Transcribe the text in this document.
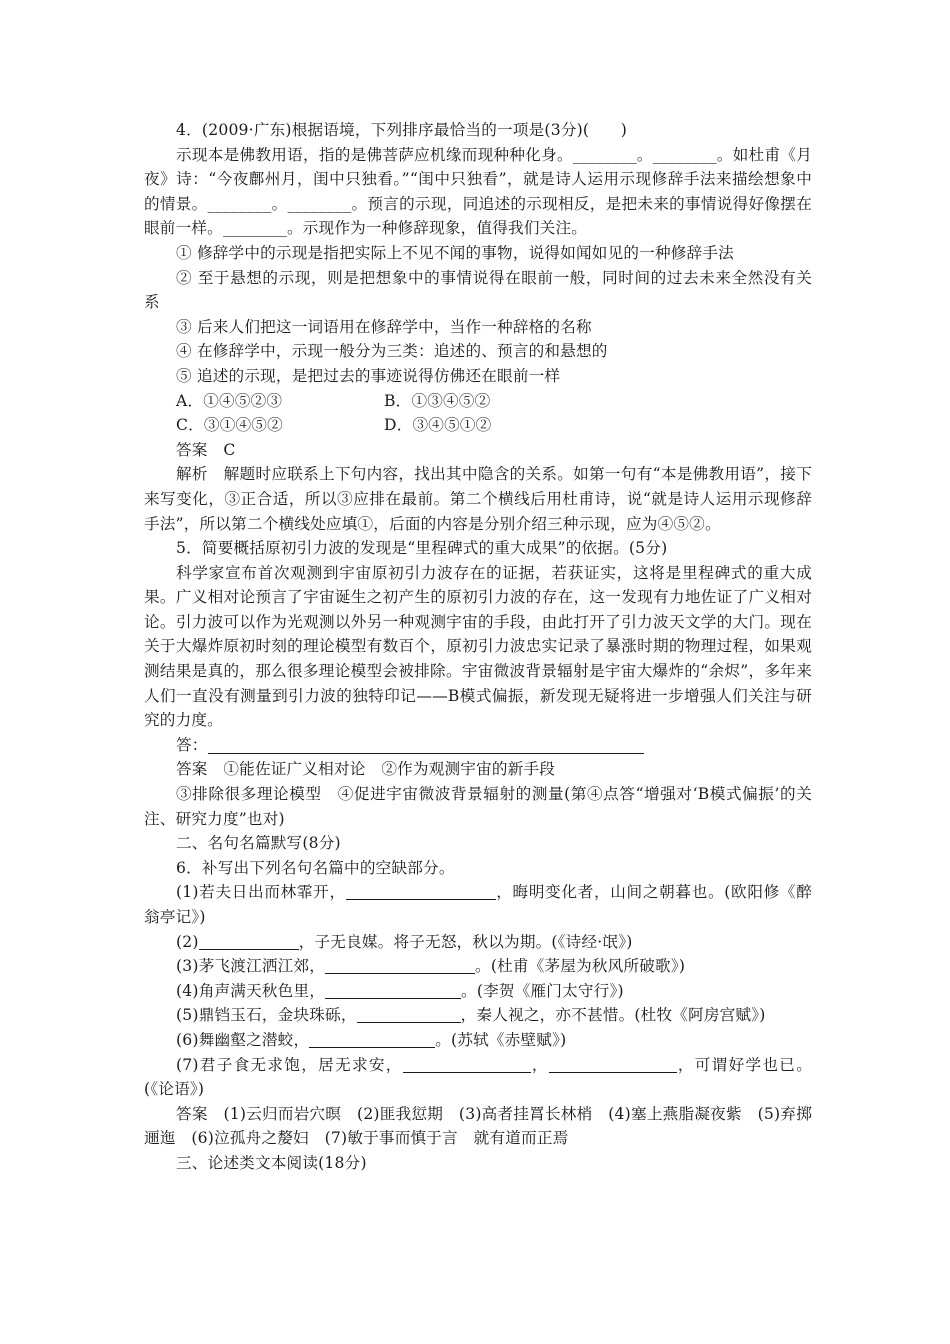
4．(2009·广东)根据语境，下列排序最恰当的一项是(3分)(　　)

示现本是佛教用语，指的是佛菩萨应机缘而现种种化身。________。________。如杜甫《月夜》诗：“今夜鄜州月，闺中只独看。”“闺中只独看”，就是诗人运用示现修辞手法来描绘想象中的情景。________。________。预言的示现，同追述的示现相反，是把未来的事情说得好像摆在眼前一样。________。示现作为一种修辞现象，值得我们关注。

① 修辞学中的示现是指把实际上不见不闻的事物，说得如闻如见的一种修辞手法

② 至于悬想的示现，则是把想象中的事情说得在眼前一般，同时间的过去未来全然没有关系

③ 后来人们把这一词语用在修辞学中，当作一种辞格的名称

④ 在修辞学中，示现一般分为三类：追述的、预言的和悬想的

⑤ 追述的示现，是把过去的事迹说得仿佛还在眼前一样

A．①④⑤②③	B．①③④⑤②
C．③①④⑤②	D．③④⑤①②

答案　C

解析　解题时应联系上下句内容，找出其中隐含的关系。如第一句有“本是佛教用语”，接下来写变化，③正合适，所以③应排在最前。第二个横线后用杜甫诗，说“就是诗人运用示现修辞手法”，所以第二个横线处应填①，后面的内容是分别介绍三种示现，应为④⑤②。

5．简要概括原初引力波的发现是“里程碑式的重大成果”的依据。(5分)

科学家宣布首次观测到宇宙原初引力波存在的证据，若获证实，这将是里程碑式的重大成果。广义相对论预言了宇宙诞生之初产生的原初引力波的存在，这一发现有力地佐证了广义相对论。引力波可以作为光观测以外另一种观测宇宙的手段，由此打开了引力波天文学的大门。现在关于大爆炸原初时刻的理论模型有数百个，原初引力波忠实记录了暴涨时期的物理过程，如果观测结果是真的，那么很多理论模型会被排除。宇宙微波背景辐射是宇宙大爆炸的“余烬”，多年来人们一直没有测量到引力波的独特印记——B模式偏振，新发现无疑将进一步增强人们关注与研究的力度。

答：

答案　①能佐证广义相对论　②作为观测宇宙的新手段

③排除很多理论模型　④促进宇宙微波背景辐射的测量(第④点答“增强对‘B模式偏振’的关注、研究力度”也对)

二、名句名篇默写(8分)

6．补写出下列名句名篇中的空缺部分。

(1)若夫日出而林霏开，	，晦明变化者，山间之朝暮也。(欧阳修《醉翁亭记》)

(2)	，子无良媒。将子无怒，秋以为期。(《诗经·氓》)

(3)茅飞渡江洒江郊，	。(杜甫《茅屋为秋风所破歌》)

(4)角声满天秋色里，	。(李贺《雁门太守行》)

(5)鼎铛玉石，金块珠砾，	，秦人视之，亦不甚惜。(杜牧《阿房宫赋》)

(6)舞幽壑之潜蛟，	。(苏轼《赤壁赋》)

(7)君子食无求饱，居无求安，	，	，可谓好学也已。(《论语》)

答案　(1)云归而岩穴暝　(2)匪我愆期　(3)高者挂罥长林梢　(4)塞上燕脂凝夜紫　(5)弃掷逦迤　(6)泣孤舟之嫠妇　(7)敏于事而慎于言　就有道而正焉

三、论述类文本阅读(18分)
